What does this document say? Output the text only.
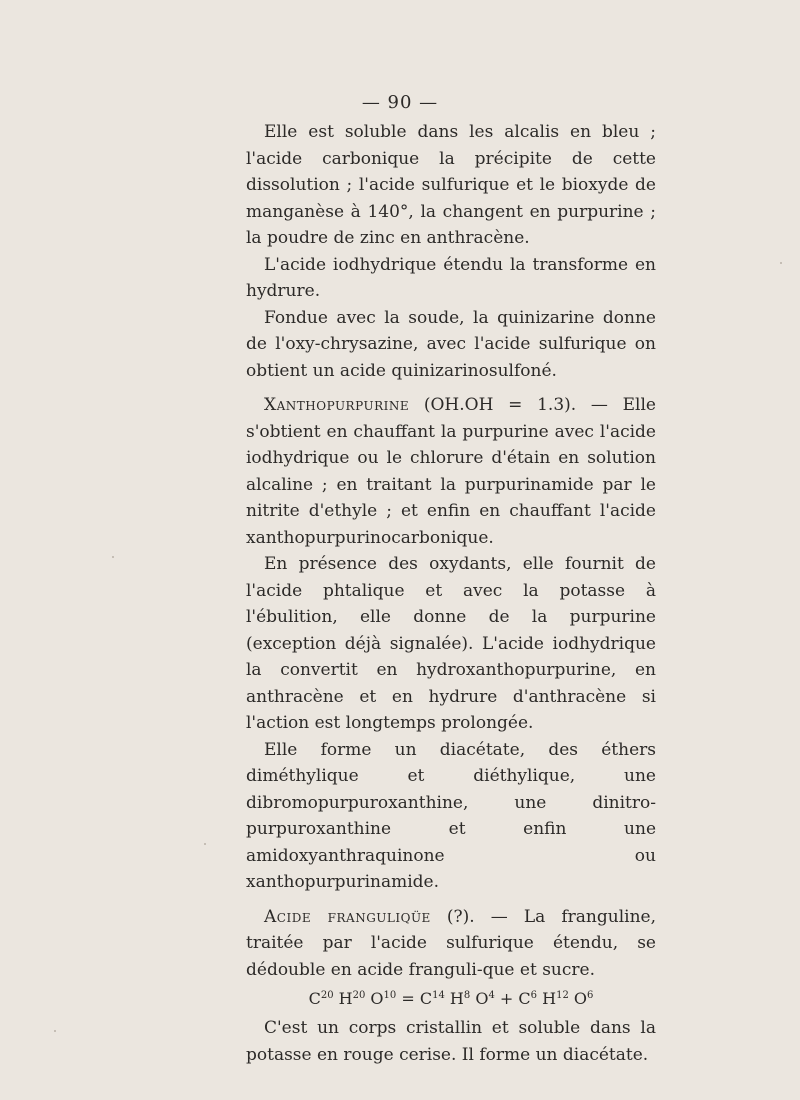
— 90 —

Elle est soluble dans les alcalis en bleu ; l'acide carbonique la précipite de cette dissolution ; l'acide sulfurique et le bioxyde de manganèse à 140°, la changent en purpurine ; la poudre de zinc en anthracène.

L'acide iodhydrique étendu la transforme en hydrure.

Fondue avec la soude, la quinizarine donne de l'oxy-chrysazine, avec l'acide sulfurique on obtient un acide quinizarinosulfoné.

Xanthopurpurine (OH.OH = 1.3). — Elle s'obtient en chauffant la purpurine avec l'acide iodhydrique ou le chlorure d'étain en solution alcaline ; en traitant la purpurinamide par le nitrite d'ethyle ; et enfin en chauffant l'acide xanthopurpurinocarbonique.

En présence des oxydants, elle fournit de l'acide phtalique et avec la potasse à l'ébulition, elle donne de la purpurine (exception déjà signalée). L'acide iodhydrique la convertit en hydroxanthopurpurine, en anthracène et en hydrure d'anthracène si l'action est longtemps prolongée.

Elle forme un diacétate, des éthers diméthylique et diéthylique, une dibromopurpuroxanthine, une dinitro-purpuroxanthine et enfin une amidoxyanthraquinone ou xanthopurpurinamide.

Acide franguliqüe (?). — La franguline, traitée par l'acide sulfurique étendu, se dédouble en acide franguli-que et sucre.

$C^{20}$ $H^{20}$ $O^{10} = C^{14}$ $H^8$ $O^4 + C^6$ $H^{12}$ $O^6$

C'est un corps cristallin et soluble dans la potasse en rouge cerise. Il forme un diacétate.
